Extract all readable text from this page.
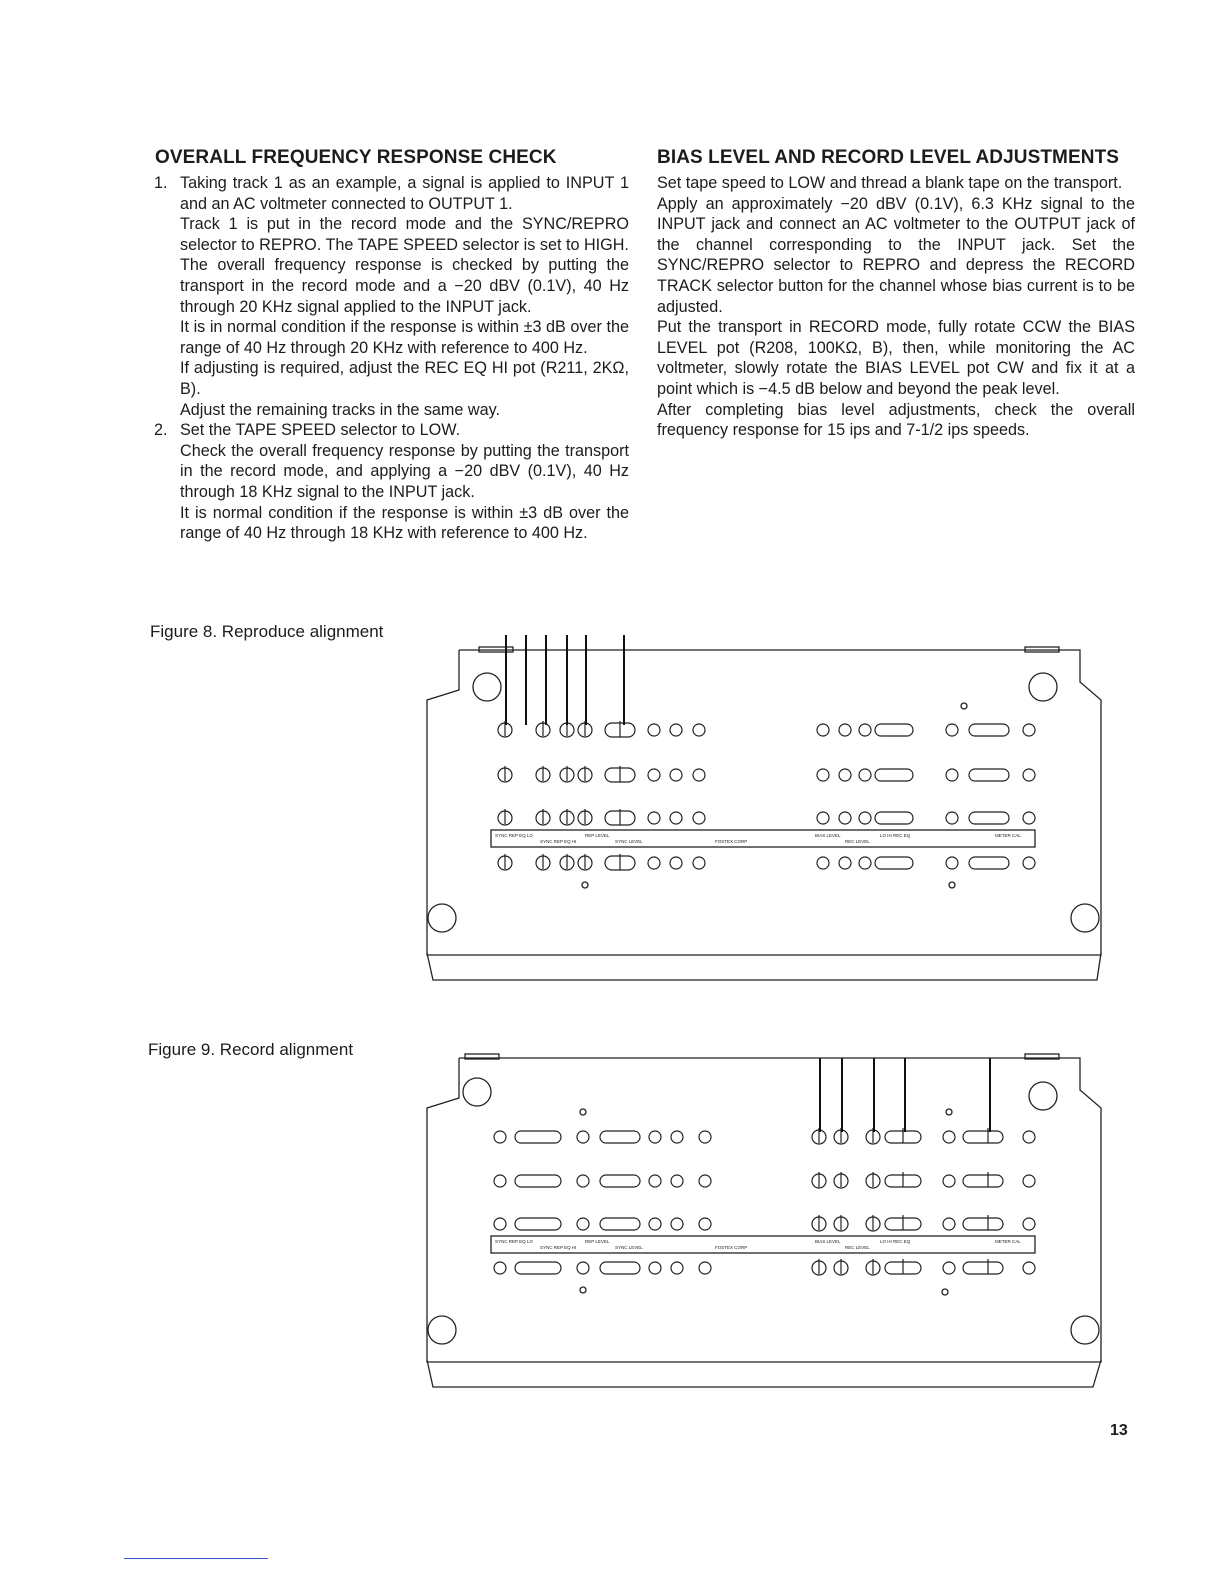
OVERALL FREQUENCY RESPONSE CHECK
1. Taking track 1 as an example, a signal is applied to INPUT 1 and an AC voltmeter connected to OUTPUT 1.

Track 1 is put in the record mode and the SYNC/REPRO selector to REPRO. The TAPE SPEED selector is set to HIGH.

The overall frequency response is checked by putting the transport in the record mode and a −20 dBV (0.1V), 40 Hz through 20 KHz signal applied to the INPUT jack.

It is in normal condition if the response is within ±3 dB over the range of 40 Hz through 20 KHz with reference to 400 Hz.

If adjusting is required, adjust the REC EQ HI pot (R211, 2KΩ, B).

Adjust the remaining tracks in the same way.

2. Set the TAPE SPEED selector to LOW.

Check the overall frequency response by putting the transport in the record mode, and applying a −20 dBV (0.1V), 40 Hz through 18 KHz signal to the INPUT jack.

It is normal condition if the response is within ±3 dB over the range of 40 Hz through 18 KHz with reference to 400 Hz.

BIAS LEVEL AND RECORD LEVEL ADJUSTMENTS

Set tape speed to LOW and thread a blank tape on the transport.

Apply an approximately −20 dBV (0.1V), 6.3 KHz signal to the INPUT jack and connect an AC voltmeter to the OUTPUT jack of the channel corresponding to the INPUT jack. Set the SYNC/REPRO selector to REPRO and depress the RECORD TRACK selector button for the channel whose bias current is to be adjusted.

Put the transport in RECORD mode, fully rotate CCW the BIAS LEVEL pot (R208, 100KΩ, B), then, while monitoring the AC voltmeter, slowly rotate the BIAS LEVEL pot CW and fix it at a point which is −4.5 dB below and beyond the peak level.

After completing bias level adjustments, check the overall frequency response for 15 ips and 7-1/2 ips speeds.

Figure 8. Reproduce alignment
Figure 9. Record alignment
SYNC REP EQ LO
SYNC REP EQ HI
REP LEVEL
SYNC LEVEL	FOSTEX CORP
BIAS LEVEL
REC LEVEL
LO HI REC EQ	METER CAL
SYNC REP EQ LO
SYNC REP EQ HI
REP LEVEL
SYNC LEVEL	FOSTEX CORP
BIAS LEVEL
REC LEVEL
LO HI REC EQ	METER CAL
13
